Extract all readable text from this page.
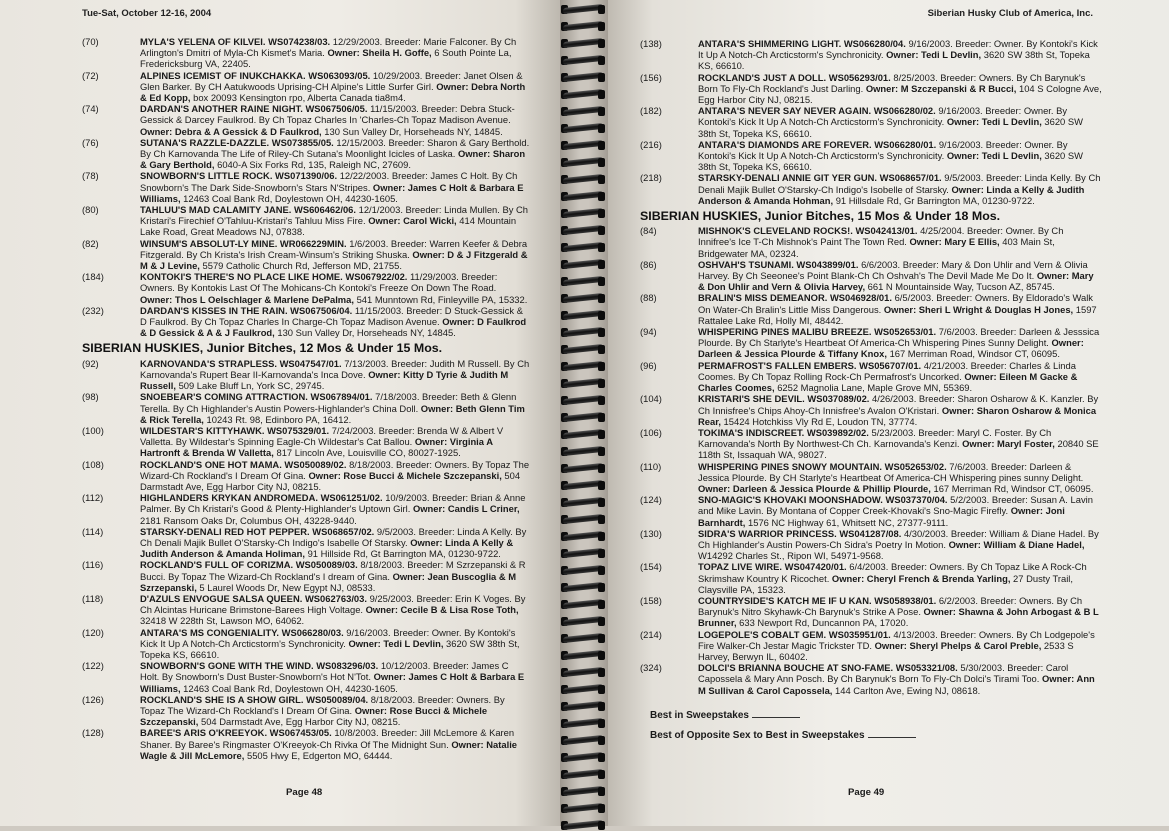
Tue-Sat, October 12-16, 2004
(70)	MYLA'S YELENA OF KILVEI. WS074238/03. 12/29/2003. Breeder: Marie Falconer. By Ch Arlington's Dmitri of Myla-Ch Kismet's Maria. Owner: Sheila H. Goffe, 6 South Pointe La, Fredericksburg VA, 22405.
(72)	ALPINES ICEMIST OF INUKCHAKKA. WS063093/05. 10/29/2003. Breeder: Janet Olsen & Glen Barker. By CH Aatukwoods Uprising-CH Alpine's Little Surfer Girl. Owner: Debra North & Ed Kopp, box 20093 Kensington rpo, Alberta Canada tia8m4.
(74)	DARDAN'S ANOTHER RAINE NIGHT. WS067506/05. 11/15/2003. Breeder: Debra Stuck-Gessick & Darcey Faulkrod. By Ch Topaz Charles In 'Charles-Ch Topaz Madison Avenue. Owner: Debra & A Gessick & D Faulkrod, 130 Sun Valley Dr, Horseheads NY, 14845.
(76)	SUTANA'S RAZZLE-DAZZLE. WS073855/05. 12/15/2003. Breeder: Sharon & Gary Berthold. By Ch Karnovanda The Life of Riley-Ch Sutana's Moonlight Icicles of Laska. Owner: Sharon & Gary Berthold, 6040-A Six Forks Rd, 135, Raleigh NC, 27609.
(78)	SNOWBORN'S LITTLE ROCK. WS071390/06. 12/22/2003. Breeder: James C Holt. By Ch Snowborn's The Dark Side-Snowborn's Stars N'Stripes. Owner: James C Holt & Barbara E Williams, 12463 Coal Bank Rd, Doylestown OH, 44230-1605.
(80)	TAHLUU'S MAD CALAMITY JANE. WS606462/06. 12/1/2003. Breeder: Linda Mullen. By Ch Kristari's Firechief O'Tahluu-Kristari's Tahluu Miss Fire. Owner: Carol Wicki, 414 Mountain Lake Road, Great Meadows NJ, 07838.
(82)	WINSUM'S ABSOLUT-LY MINE. WR066229MIN. 1/6/2003. Breeder: Warren Keefer & Debra Fitzgerald. By Ch Krista's Irish Cream-Winsum's Striking Shuska. Owner: D & J Fitzgerald & M & J Levine, 5579 Catholic Church Rd, Jefferson MD, 21755.
(184)	KONTOKI'S THERE'S NO PLACE LIKE HOME. WS067922/02. 11/29/2003. Breeder: Owners. By Kontokis Last Of The Mohicans-Ch Kontoki's Freeze On Down The Road. Owner: Thos L Oelschlager & Marlene DePalma, 541 Munntown Rd, Finleyville PA, 15332.
(232)	DARDAN'S KISSES IN THE RAIN. WS067506/04. 11/15/2003. Breeder: D Stuck-Gessick & D Faulkrod. By Ch Topaz Charles In Charge-Ch Topaz Madison Avenue. Owner: D Faulkrod & D Gessick & A & J Faulkrod, 130 Sun Valley Dr, Horseheads NY, 14845.
SIBERIAN HUSKIES, Junior Bitches, 12 Mos & Under 15 Mos.
(92)	KARNOVANDA'S STRAPLESS. WS047547/01. 7/13/2003. Breeder: Judith M Russell. By Ch Karnovanda's Rupert Bear II-Karnovanda's Inca Dove. Owner: Kitty D Tyrie & Judith M Russell, 509 Lake Bluff Ln, York SC, 29745.
(98)	SNOEBEAR'S COMING ATTRACTION. WS067894/01. 7/18/2003. Breeder: Beth & Glenn Terella. By Ch Highlander's Austin Powers-Highlander's China Doll. Owner: Beth Glenn Tim & Rick Terella, 10243 Rt. 98, Edinboro PA, 16412.
(100)	WILDESTAR'S KITTYHAWK. WS075329/01. 7/24/2003. Breeder: Brenda W & Albert V Valletta. By Wildestar's Spinning Eagle-Ch Wildestar's Cat Ballou. Owner: Virginia A Hartronft & Brenda W Valletta, 817 Lincoln Ave, Louisville CO, 80027-1925.
(108)	ROCKLAND'S ONE HOT MAMA. WS050089/02. 8/18/2003. Breeder: Owners. By Topaz The Wizard-Ch Rockland's I Dream Of Gina. Owner: Rose Bucci & Michele Szczepanski, 504 Darmstadt Ave, Egg Harbor City NJ, 08215.
(112)	HIGHLANDERS KRYKAN ANDROMEDA. WS061251/02. 10/9/2003. Breeder: Brian & Anne Palmer. By Ch Kristari's Good & Plenty-Highlander's Uptown Girl. Owner: Candis L Criner, 2181 Ransom Oaks Dr, Columbus OH, 43228-9440.
(114)	STARSKY-DENALI RED HOT PEPPER. WS068657/02. 9/5/2003. Breeder: Linda A Kelly. By Ch Denali Majik Bullet O'Starsky-Ch Indigo's Isabelle Of Starsky. Owner: Linda A Kelly & Judith Anderson & Amanda Holiman, 91 Hillside Rd, Gt Barrington MA, 01230-9722.
(116)	ROCKLAND'S FULL OF CORIZMA. WS050089/03. 8/18/2003. Breeder: M Szrzepanski & R Bucci. By Topaz The Wizard-Ch Rockland's I dream of Gina. Owner: Jean Buscoglia & M Szrzepanski, 5 Laurel Woods Dr, New Egypt NJ, 08533.
(118)	D'AZULS ENVOGUE SALSA QUEEN. WS062763/03. 9/25/2003. Breeder: Erin K Voges. By Ch Alcintas Huricane Brimstone-Barees High Voltage. Owner: Cecile B & Lisa Rose Toth, 32418 W 228th St, Lawson MO, 64062.
(120)	ANTARA'S MS CONGENIALITY. WS066280/03. 9/16/2003. Breeder: Owner. By Kontoki's Kick It Up A Notch-Ch Arcticstorm's Synchronicity. Owner: Tedi L Devlin, 3620 SW 38th St, Topeka KS, 66610.
(122)	SNOWBORN'S GONE WITH THE WIND. WS083296/03. 10/12/2003. Breeder: James C Holt. By Snowborn's Dust Buster-Snowborn's Hot N'Tot. Owner: James C Holt & Barbara E Williams, 12463 Coal Bank Rd, Doylestown OH, 44230-1605.
(126)	ROCKLAND'S SHE IS A SHOW GIRL. WS050089/04. 8/18/2003. Breeder: Owners. By Topaz The Wizard-Ch Rockland's I Dream Of Gina. Owner: Rose Bucci & Michele Szczepanski, 504 Darmstadt Ave, Egg Harbor City NJ, 08215.
(128)	BAREE'S ARIS O'KREEYOK. WS067453/05. 10/8/2003. Breeder: Jill McLemore & Karen Shaner. By Baree's Ringmaster O'Kreeyok-Ch Rivka Of The Midnight Sun. Owner: Natalie Wagle & Jill McLemore, 5505 Hwy E, Edgerton MO, 64444.
Page 48
Siberian Husky Club of America, Inc.
(138)	ANTARA'S SHIMMERING LIGHT. WS066280/04. 9/16/2003. Breeder: Owner. By Kontoki's Kick It Up A Notch-Ch Arcticstorm's Synchronicity. Owner: Tedi L Devlin, 3620 SW 38th St, Topeka KS, 66610.
(156)	ROCKLAND'S JUST A DOLL. WS056293/01. 8/25/2003. Breeder: Owners. By Ch Barynuk's Born To Fly-Ch Rockland's Just Darling. Owner: M Szczepanski & R Bucci, 104 S Cologne Ave, Egg Harbor City NJ, 08215.
(182)	ANTARA'S NEVER SAY NEVER AGAIN. WS066280/02. 9/16/2003. Breeder: Owner. By Kontoki's Kick It Up A Notch-Ch Arcticstorm's Synchronicity. Owner: Tedi L Devlin, 3620 SW 38th St, Topeka KS, 66610.
(216)	ANTARA'S DIAMONDS ARE FOREVER. WS066280/01. 9/16/2003. Breeder: Owner. By Kontoki's Kick It Up A Notch-Ch Arcticstorm's Synchronicity. Owner: Tedi L Devlin, 3620 SW 38th St, Topeka KS, 66610.
(218)	STARSKY-DENALI ANNIE GIT YER GUN. WS068657/01. 9/5/2003. Breeder: Linda Kelly. By Ch Denali Majik Bullet O'Starsky-Ch Indigo's Isobelle of Starsky. Owner: Linda a Kelly & Judith Anderson & Amanda Hohman, 91 Hillsdale Rd, Gr Barrington MA, 01230-9722.
SIBERIAN HUSKIES, Junior Bitches, 15 Mos & Under 18 Mos.
(84)	MISHNOK'S CLEVELAND ROCKS!. WS042413/01. 4/25/2004. Breeder: Owner. By Ch Innifree's Ice T-Ch Mishnok's Paint The Town Red. Owner: Mary E Ellis, 403 Main St, Bridgewater MA, 02324.
(86)	OSHVAH'S TSUNAMI. WS043899/01. 6/6/2003. Breeder: Mary & Don Uhlir and Vern & Olivia Harvey. By Ch Seeonee's Point Blank-Ch Ch Oshvah's The Devil Made Me Do It. Owner: Mary & Don Uhlir and Vern & Olivia Harvey, 661 N Mountainside Way, Tucson AZ, 85745.
(88)	BRALIN'S MISS DEMEANOR. WS046928/01. 6/5/2003. Breeder: Owners. By Eldorado's Walk On Water-Ch Bralin's Little Miss Dangerous. Owner: Sheri L Wright & Douglas H Jones, 1597 Rattalee Lake Rd, Holly MI, 48442.
(94)	WHISPERING PINES MALIBU BREEZE. WS052653/01. 7/6/2003. Breeder: Darleen & Jesssica Plourde. By Ch Starlyte's Heartbeat Of America-Ch Whispering Pines Sunny Delight. Owner: Darleen & Jessica Plourde & Tiffany Knox, 167 Merriman Road, Windsor CT, 06095.
(96)	PERMAFROST'S FALLEN EMBERS. WS056707/01. 4/21/2003. Breeder: Charles & Linda Coomes. By Ch Topaz Rolling Rock-Ch Permafrost's Uncorked. Owner: Eileen M Gacke & Charles Coomes, 6252 Magnolia Lane, Maple Grove MN, 55369.
(104)	KRISTARI'S SHE DEVIL. WS037089/02. 4/26/2003. Breeder: Sharon Osharow & K. Kanzler. By Ch Innisfree's Chips Ahoy-Ch Innisfree's Avalon O'Kristari. Owner: Sharon Osharow & Monica Rear, 15424 Hotchkiss Vly Rd E, Loudon TN, 37774.
(106)	TOKIMA'S INDISCREET. WS039892/02. 5/23/2003. Breeder: Maryl C. Foster. By Ch Karnovanda's North By Northwest-Ch Ch. Karnovanda's Kenzi. Owner: Maryl Foster, 20840 SE 118th St, Issaquah WA, 98027.
(110)	WHISPERING PINES SNOWY MOUNTAIN. WS052653/02. 7/6/2003. Breeder: Darleen & Jessica Plourde. By CH Starlyte's Heartbeat Of America-CH Whispering pines sunny Delight. Owner: Darleen & Jessica Plourde & Phillip Plourde, 167 Merriman Rd, Windsor CT, 06095.
(124)	SNO-MAGIC'S KHOVAKI MOONSHADOW. WS037370/04. 5/2/2003. Breeder: Susan A. Lavin and Mike Lavin. By Montana of Copper Creek-Khovaki's Sno-Magic Firefly. Owner: Joni Barnhardt, 1576 NC Highway 61, Whitsett NC, 27377-9111.
(130)	SIDRA'S WARRIOR PRINCESS. WS041287/08. 4/30/2003. Breeder: William & Diane Hadel. By Ch Highlander's Austin Powers-Ch Sidra's Poetry In Motion. Owner: William & Diane Hadel, W14292 Charles St., Ripon WI, 54971-9568.
(154)	TOPAZ LIVE WIRE. WS047420/01. 6/4/2003. Breeder: Owners. By Ch Topaz Like A Rock-Ch Skrimshaw Kountry K Ricochet. Owner: Cheryl French & Brenda Yarling, 27 Dusty Trail, Claysville PA, 15323.
(158)	COUNTRYSIDE'S KATCH ME IF U KAN. WS058938/01. 6/2/2003. Breeder: Owners. By Ch Barynuk's Nitro Skyhawk-Ch Barynuk's Strike A Pose. Owner: Shawna & John Arbogast & B L Brunner, 633 Newport Rd, Duncannon PA, 17020.
(214)	LOGEPOLE'S COBALT GEM. WS035951/01. 4/13/2003. Breeder: Owners. By Ch Lodgepole's Fire Walker-Ch Jestar Magic Trickster TD. Owner: Sheryl Phelps & Carol Preble, 2533 S Harvey, Berwyn IL, 60402.
(324)	DOLCI'S BRIANNA BOUCHE AT SNO-FAME. WS053321/08. 5/30/2003. Breeder: Carol Capossela & Mary Ann Posch. By Ch Barynuk's Born To Fly-Ch Dolci's Tirami Too. Owner: Ann M Sullivan & Carol Capossela, 144 Carlton Ave, Ewing NJ, 08618.
Best in Sweepstakes
Best of Opposite Sex to Best in Sweepstakes
Page 49
